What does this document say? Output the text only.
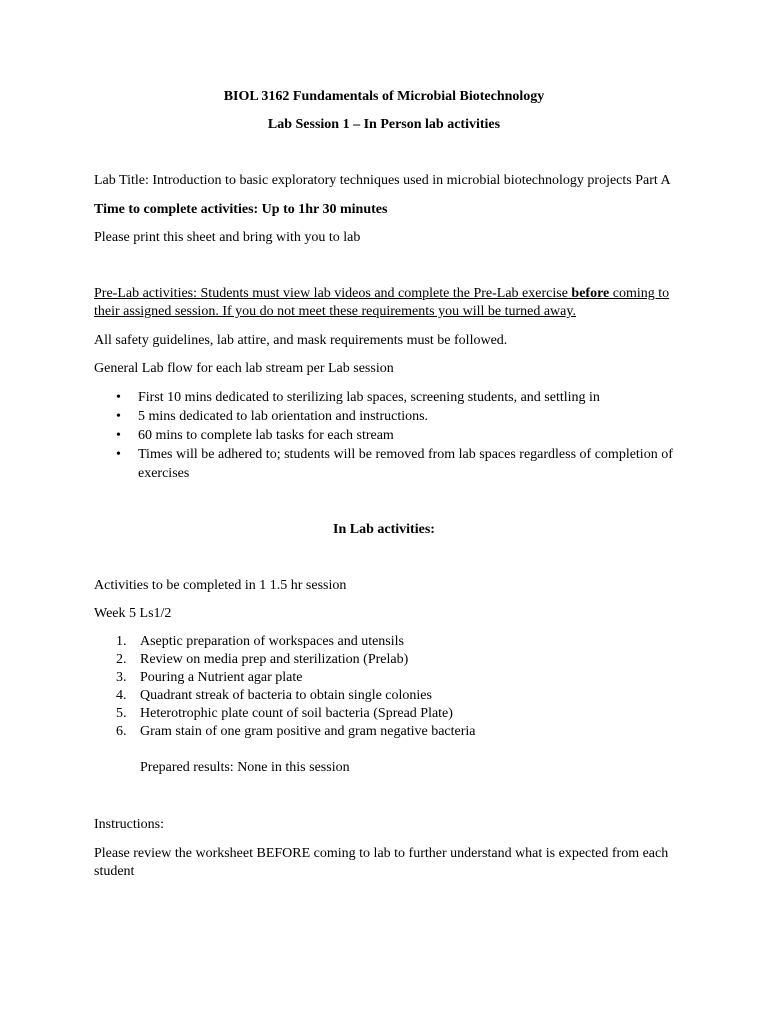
BIOL 3162 Fundamentals of Microbial Biotechnology

Lab Session 1 – In Person lab activities

Lab Title: Introduction to basic exploratory techniques used in microbial biotechnology projects Part A

Time to complete activities: Up to 1hr 30 minutes

Please print this sheet and bring with you to lab

Pre-Lab activities: Students must view lab videos and complete the Pre-Lab exercise before coming to their assigned session. If you do not meet these requirements you will be turned away.

All safety guidelines, lab attire, and mask requirements must be followed.

General Lab flow for each lab stream per Lab session

• First 10 mins dedicated to sterilizing lab spaces, screening students, and settling in
• 5 mins dedicated to lab orientation and instructions.
• 60 mins to complete lab tasks for each stream
• Times will be adhered to; students will be removed from lab spaces regardless of completion of exercises

In Lab activities:

Activities to be completed in 1 1.5 hr session

Week 5 Ls1/2

1. Aseptic preparation of workspaces and utensils
2. Review on media prep and sterilization (Prelab)
3. Pouring a Nutrient agar plate
4. Quadrant streak of bacteria to obtain single colonies
5. Heterotrophic plate count of soil bacteria (Spread Plate)
6. Gram stain of one gram positive and gram negative bacteria

Prepared results: None in this session

Instructions:

Please review the worksheet BEFORE coming to lab to further understand what is expected from each student
